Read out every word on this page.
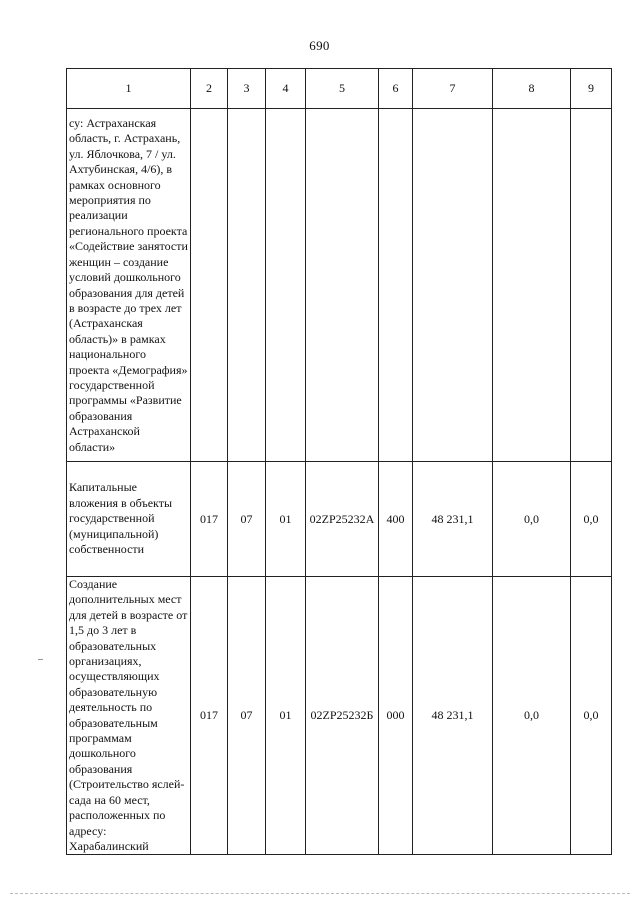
690
1	2	3	4	5	6	7	8	9
су: Астраханская область, г. Астрахань, ул. Яблочкова, 7 / ул. Ахтубинская, 4/6), в рамках основного мероприятия по реализации регионального проекта «Содействие занятости женщин – создание условий дошкольного образования для детей в возрасте до трех лет (Астраханская область)» в рамках национального проекта «Демография» государственной программы «Развитие образования Астраханской области»								
Капитальные вложения в объекты государственной (муниципальной) собственности	017	07	01	02ZP25232А	400	48 231,1	0,0	0,0
Создание дополнительных мест для детей в возрасте от 1,5 до 3 лет в образовательных организациях, осуществляющих образовательную деятельность по образовательным программам дошкольного образования (Строительство яслей-сада на 60 мест, расположенных по адресу: Харабалинский	017	07	01	02ZP25232Б	000	48 231,1	0,0	0,0
